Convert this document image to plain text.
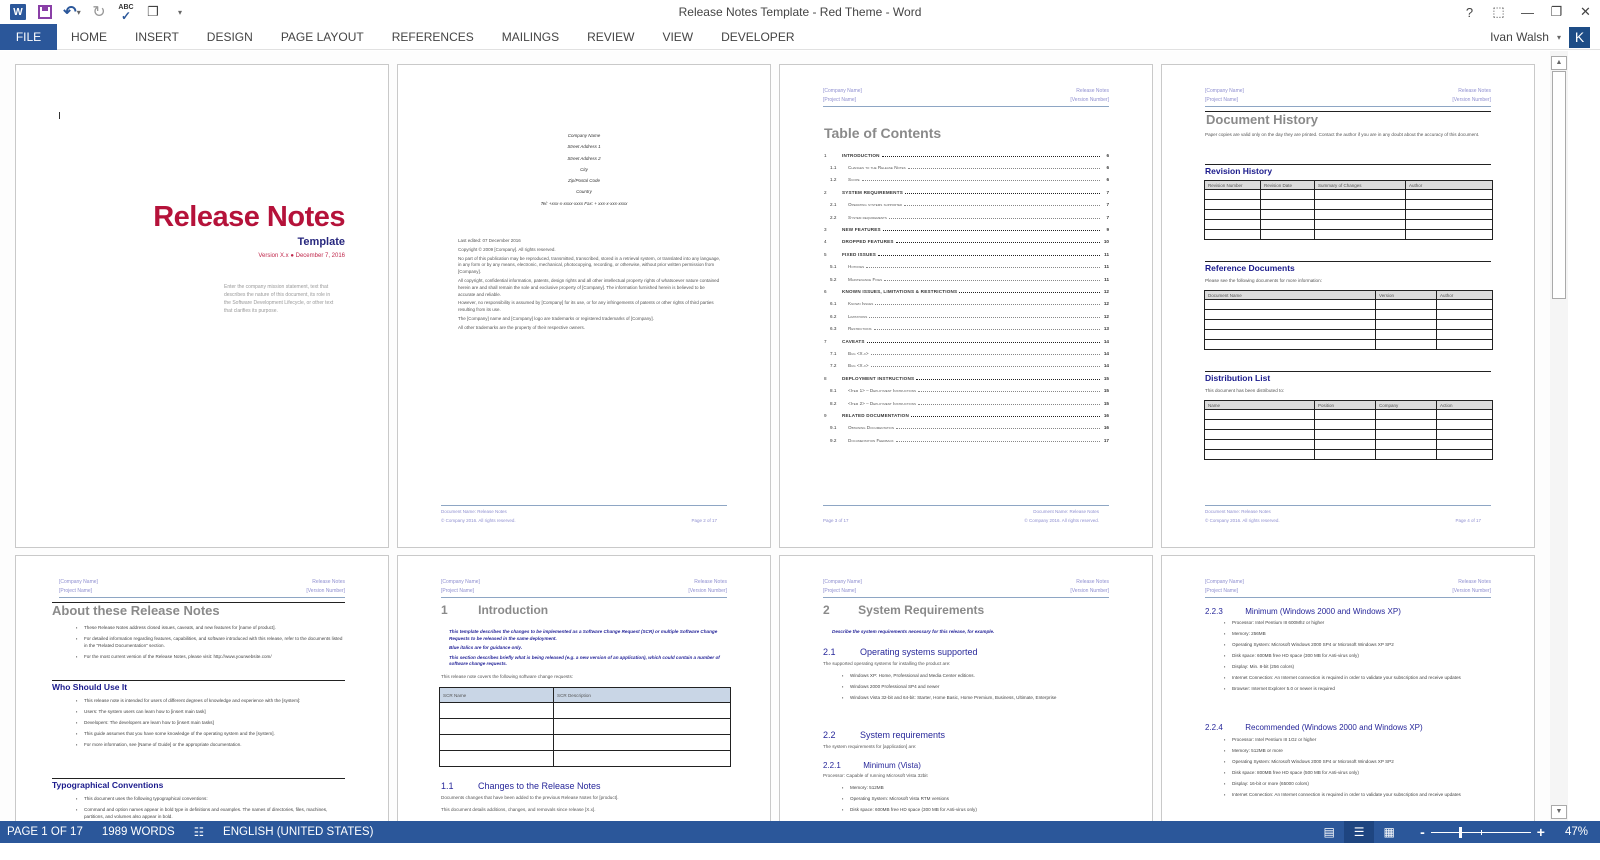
W	↶ ▾ ↻ ABC
✓ ❐ ▾	Release Notes Template - Red Theme - Word	?	⬚	—	❐	✕
FILE	HOME	INSERT	DESIGN	PAGE LAYOUT	REFERENCES	MAILINGS	REVIEW	VIEW	DEVELOPER	Ivan Walsh ▾ K
Release Notes
Template
Version X.x ● December 7, 2016
Enter the company mission statement, text that describes the nature of this document, its role in the Software Development Lifecycle, or other text that clarifies its purpose.
Company Name
Street Address 1
Street Address 2
City
Zip/Postal Code
Country
Tel: +xxx-x-xxxx-xxxx Fax: + xxx-x-xxx-xxxx

Last edited: 07 December 2016

Copyright © 2009 [Company]. All rights reserved.

No part of this publication may be reproduced, transmitted, transcribed, stored in a retrieval system, or translated into any language, in any form or by any means, electronic, mechanical, photocopying, recording, or otherwise, without prior written permission from [Company].

All copyright, confidential information, patents, design rights and all other intellectual property rights of whatsoever nature contained herein are and shall remain the sole and exclusive property of [Company]. The information furnished herein is believed to be accurate and reliable.

However, no responsibility is assumed by [Company] for its use, or for any infringements of patents or other rights of third parties resulting from its use.

The [Company] name and [Company] logo are trademarks or registered trademarks of [Company].

All other trademarks are the property of their respective owners.

Document Name: Release Notes
© Company 2016. All rights reserved.	Page 2 of 17
[Company Name]
[Project Name]
Release Notes
[Version Number]
Table of Contents
1	INTRODUCTION	6
1.1	Changes to the Release Notes	6
1.2	Scope	6
2	SYSTEM REQUIREMENTS	7
2.1	Operating systems supported	7
2.2	System requirements	7
3	NEW FEATURES	9
4	DROPPED FEATURES	10
5	FIXED ISSUES	11
5.1	Hotfixes	11
5.2	Maintenance Fixes	11
6	KNOWN ISSUES, LIMITATIONS & RESTRICTIONS	12
6.1	Known Issues	12
6.2	Limitations	12
6.3	Restrictions	13
7	CAVEATS	14
7.1	Bug <X.x>	14
7.2	Bug <X.x>	14
8	DEPLOYMENT INSTRUCTIONS	15
8.1	<Item 1> – Deployment Instructions	15
8.2	<Item 2> – Deployment Instructions	15
9	RELATED DOCUMENTATION	16
9.1	Obtaining Documentation	16
9.2	Documentation Feedback	17
Document Name: Release Notes
Page 3 of 17	© Company 2016. All rights reserved.
[Company Name]
[Project Name]
Release Notes
[Version Number]
Document History
Paper copies are valid only on the day they are printed. Contact the author if you are in any doubt about the accuracy of this document.
Revision History
Revision Number	Revision Date	Summary of Changes	Author

Reference Documents
Please see the following documents for more information:
Document Name	Version	Author

Distribution List
This document has been distributed to:
Name	Position	Company	Action

Document Name: Release Notes
© Company 2016. All rights reserved.	Page 4 of 17
[Company Name]
[Project Name]
Release Notes
[Version Number]
About these Release Notes
▪ These Release Notes address closed issues, caveats, and new features for [name of product].
▪ For detailed information regarding features, capabilities, and software introduced with this release, refer to the documents listed in the "Related Documentation" section.
▪ For the most current version of the Release Notes, please visit: http://www.yourwebsite.com/
Who Should Use It
▪ This release note is intended for users of different degrees of knowledge and experience with the [system]:
▪ Users: The system users can learn how to [insert main task]
▪ Developers: The developers are learn how to [insert main tasks]
▪ This guide assumes that you have some knowledge of the operating system and the [system].
▪ For more information, see [Name of Guide] or the appropriate documentation.
Typographical Conventions
▪ This document uses the following typographical conventions:
▪ Command and option names appear in bold type in definitions and examples. The names of directories, files, machines, partitions, and volumes also appear in bold.
[Company Name]
[Project Name]
Release Notes
[Version Number]
1	Introduction

This template describes the changes to be implemented as a Software Change Request (SCR) or multiple Software Change Requests to be released in the same deployment.

Blue italics are for guidance only.

This section describes briefly what is being released (e.g. a new version of an application), which could contain a number of software change requests.

This release note covers the following software change requests:
SCR Name	SCR Description

1.1	Changes to the Release Notes
Documents changes that have been added to the previous Release Notes for [product].
This document details additions, changes, and removals since release [X.x].
[Company Name]
[Project Name]
Release Notes
[Version Number]
2 System Requirements
Describe the system requirements necessary for this release, for example.
2.1	Operating systems supported
The supported operating systems for installing the product are:
▪ Windows XP: Home, Professional and Media Center editions.
▪ Windows 2000 Professional SP4 and newer
▪ Windows Vista 32-bit and 64-bit: Starter, Home Basic, Home Premium, Business, Ultimate, Enterprise
2.2	System requirements
The system requirements for [application] are:
2.2.1	Minimum (Vista)
Processor: Capable of running Microsoft Vista 32bit
▪ Memory: 512MB
▪ Operating System: Microsoft Vista RTM versions
▪ Disk space: 600MB free HD space (300 MB for Anti-virus only)
[Company Name]
[Project Name]
Release Notes
[Version Number]
2.2.3	Minimum (Windows 2000 and Windows XP)
▪ Processor: Intel Pentium III 600Mhz or higher
▪ Memory: 256MB
▪ Operating System: Microsoft Windows 2000 SP4 or Microsoft Windows XP SP2
▪ Disk space: 600MB free HD space (300 MB for Anti-virus only)
▪ Display: Min. 8-bit (256 colors)
▪ Internet Connection: An Internet connection is required in order to validate your subscription and receive updates
▪ Browser: Internet Explorer 5.0 or newer is required
2.2.4	Recommended (Windows 2000 and Windows XP)
▪ Processor: Intel Pentium III 1Gz or higher
▪ Memory: 512MB or more
▪ Operating System: Microsoft Windows 2000 SP4 or Microsoft Windows XP SP2
▪ Disk space: 800MB free HD space (500 MB for Anti-virus only)
▪ Display: 16-bit or more (65000 colors)
▪ Internet Connection: An Internet connection is required in order to validate your subscription and receive updates
▲
▼
PAGE 1 OF 17	1989 WORDS	☷	ENGLISH (UNITED STATES)	▤	☰	▦	-	+ 47%
